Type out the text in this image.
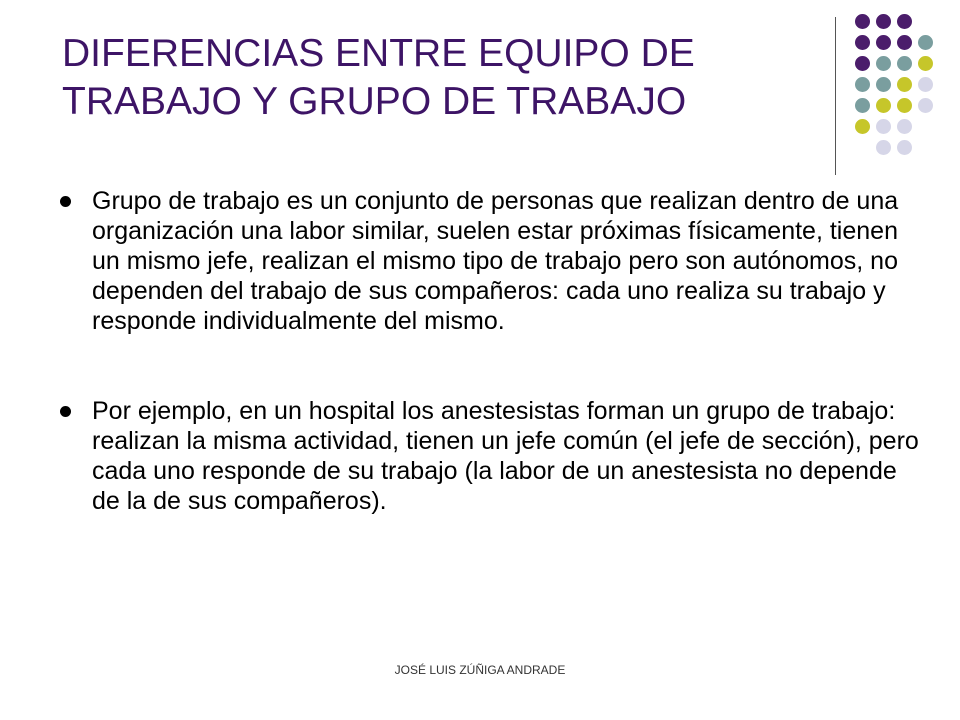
DIFERENCIAS ENTRE EQUIPO DE TRABAJO Y GRUPO DE TRABAJO
Grupo de trabajo es un conjunto de personas que realizan dentro de una organización una labor similar, suelen estar próximas físicamente, tienen un mismo jefe, realizan el mismo tipo de trabajo pero son autónomos, no dependen del trabajo de sus compañeros: cada uno realiza su trabajo y responde individualmente del mismo.
Por ejemplo, en un hospital los anestesistas forman un grupo de trabajo: realizan la misma actividad, tienen un jefe común (el jefe de sección), pero cada uno responde de su trabajo (la labor de un anestesista no depende de la de sus compañeros).
JOSÉ LUIS ZÚÑIGA ANDRADE
